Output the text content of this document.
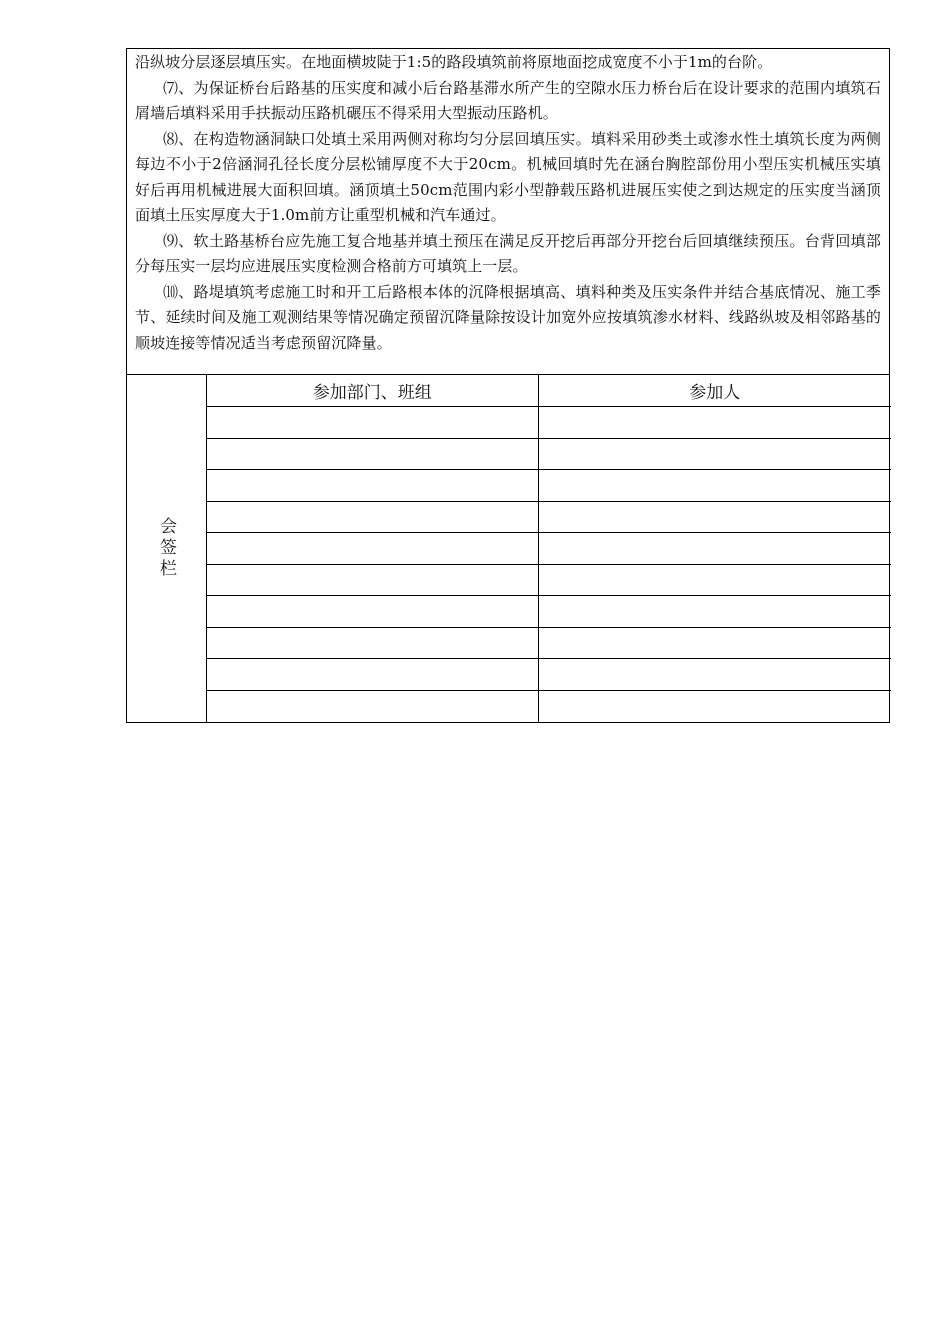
沿纵坡分层逐层填压实。在地面横坡陡于1:5的路段填筑前将原地面挖成宽度不小于1m的台阶。

⑺、为保证桥台后路基的压实度和减小后台路基滞水所产生的空隙水压力桥台后在设计要求的范围内填筑石屑墙后填料采用手扶振动压路机碾压不得采用大型振动压路机。

⑻、在构造物涵洞缺口处填土采用两侧对称均匀分层回填压实。填料采用砂类土或渗水性土填筑长度为两侧每边不小于2倍涵洞孔径长度分层松铺厚度不大于20cm。机械回填时先在涵台胸腔部份用小型压实机械压实填好后再用机械进展大面积回填。涵顶填土50cm范围内彩小型静载压路机进展压实使之到达规定的压实度当涵顶面填土压实厚度大于1.0m前方让重型机械和汽车通过。

⑼、软土路基桥台应先施工复合地基并填土预压在满足反开挖后再部分开挖台后回填继续预压。台背回填部分每压实一层均应进展压实度检测合格前方可填筑上一层。

⑽、路堤填筑考虑施工时和开工后路根本体的沉降根据填高、填料种类及压实条件并结合基底情况、施工季节、延续时间及施工观测结果等情况确定预留沉降量除按设计加宽外应按填筑渗水材料、线路纵坡及相邻路基的顺坡连接等情况适当考虑预留沉降量。

会签栏
参加部门、班组	参加人
